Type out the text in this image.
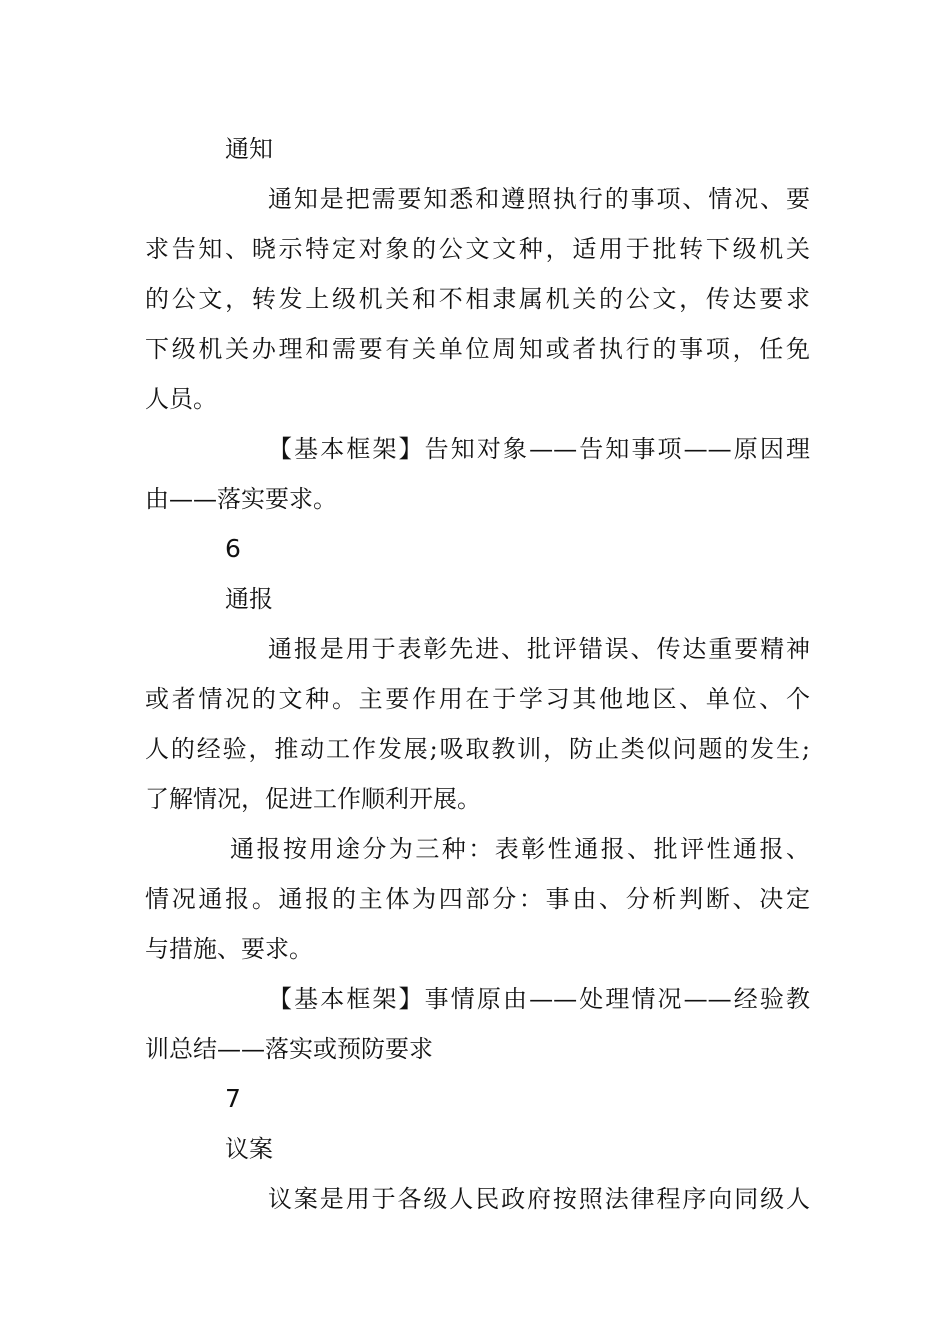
通知
通知是把需要知悉和遵照执行的事项、情况、要
求告知、晓示特定对象的公文文种，适用于批转下级机关
的公文，转发上级机关和不相隶属机关的公文，传达要求
下级机关办理和需要有关单位周知或者执行的事项，任免
人员。
【基本框架】告知对象——告知事项——原因理
由——落实要求。
6
通报
通报是用于表彰先进、批评错误、传达重要精神
或者情况的文种。主要作用在于学习其他地区、单位、个
人的经验，推动工作发展;吸取教训，防止类似问题的发生;
了解情况，促进工作顺利开展。
通报按用途分为三种：表彰性通报、批评性通报、
情况通报。通报的主体为四部分：事由、分析判断、决定
与措施、要求。
【基本框架】事情原由——处理情况——经验教
训总结——落实或预防要求
7
议案
议案是用于各级人民政府按照法律程序向同级人
